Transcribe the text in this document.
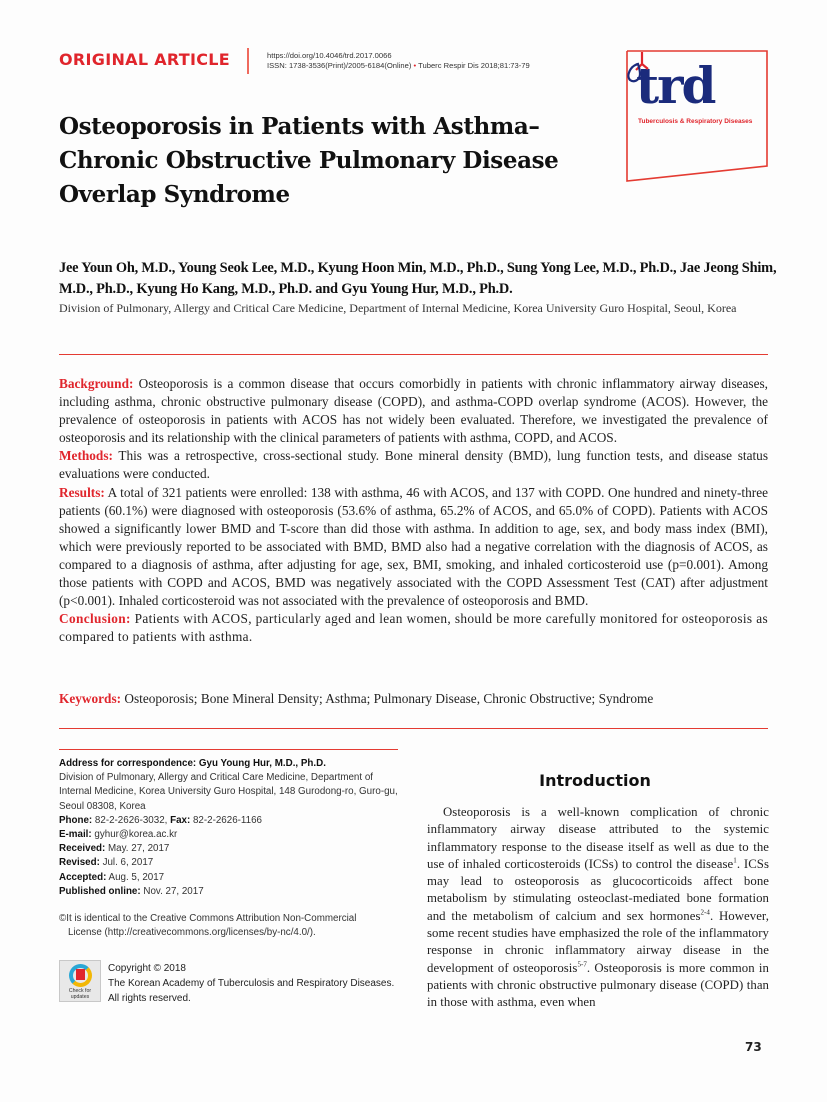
ORIGINAL ARTICLE	https://doi.org/10.4046/trd.2017.0066
ISSN: 1738-3536(Print)/2005-6184(Online) • Tuberc Respir Dis 2018;81:73-79 trd
Tuberculosis & Respiratory Diseases
Osteoporosis in Patients with Asthma–Chronic Obstructive Pulmonary Disease Overlap Syndrome
Jee Youn Oh, M.D., Young Seok Lee, M.D., Kyung Hoon Min, M.D., Ph.D., Sung Yong Lee, M.D., Ph.D., Jae Jeong Shim, M.D., Ph.D., Kyung Ho Kang, M.D., Ph.D. and Gyu Young Hur, M.D., Ph.D.
Division of Pulmonary, Allergy and Critical Care Medicine, Department of Internal Medicine, Korea University Guro Hospital, Seoul, Korea

Background: Osteoporosis is a common disease that occurs comorbidly in patients with chronic inflammatory airway diseases, including asthma, chronic obstructive pulmonary disease (COPD), and asthma-COPD overlap syndrome (ACOS). However, the prevalence of osteoporosis in patients with ACOS has not widely been evaluated. Therefore, we investigated the prevalence of osteoporosis and its relationship with the clinical parameters of patients with asthma, COPD, and ACOS.

Methods: This was a retrospective, cross-sectional study. Bone mineral density (BMD), lung function tests, and disease status evaluations were conducted.

Results: A total of 321 patients were enrolled: 138 with asthma, 46 with ACOS, and 137 with COPD. One hundred and ninety-three patients (60.1%) were diagnosed with osteoporosis (53.6% of asthma, 65.2% of ACOS, and 65.0% of COPD). Patients with ACOS showed a significantly lower BMD and T-score than did those with asthma. In addition to age, sex, and body mass index (BMI), which were previously reported to be associated with BMD, BMD also had a negative correlation with the diagnosis of ACOS, as compared to a diagnosis of asthma, after adjusting for age, sex, BMI, smoking, and inhaled corticosteroid use (p=0.001). Among those patients with COPD and ACOS, BMD was negatively associated with the COPD Assessment Test (CAT) after adjustment (p<0.001). Inhaled corticosteroid was not associated with the prevalence of osteoporosis and BMD.

Conclusion: Patients with ACOS, particularly aged and lean women, should be more carefully monitored for osteoporosis as compared to patients with asthma.

Keywords: Osteoporosis; Bone Mineral Density; Asthma; Pulmonary Disease, Chronic Obstructive; Syndrome
Address for correspondence: Gyu Young Hur, M.D., Ph.D.
Division of Pulmonary, Allergy and Critical Care Medicine, Department of Internal Medicine, Korea University Guro Hospital, 148 Gurodong-ro, Guro-gu, Seoul 08308, Korea
Phone: 82-2-2626-3032, Fax: 82-2-2626-1166
E-mail: gyhur@korea.ac.kr
Received: May. 27, 2017
Revised: Jul. 6, 2017
Accepted: Aug. 5, 2017
Published online: Nov. 27, 2017
©It is identical to the Creative Commons Attribution Non-Commercial
License (http://creativecommons.org/licenses/by-nc/4.0/).
Check for updates
Copyright © 2018
The Korean Academy of Tuberculosis and Respiratory Diseases.
All rights reserved.
Introduction

Osteoporosis is a well-known complication of chronic inflammatory airway disease attributed to the systemic inflammatory response to the disease itself as well as due to the use of inhaled corticosteroids (ICSs) to control the disease$^1$. ICSs may lead to osteoporosis as glucocorticoids affect bone metabolism by stimulating osteoclast-mediated bone formation and the metabolism of calcium and sex hormones$^{2-4}$. However, some recent studies have emphasized the role of the inflammatory response in chronic inflammatory airway disease in the development of osteoporosis$^{5-7}$. Osteoporosis is more common in patients with chronic obstructive pulmonary disease (COPD) than in those with asthma, even when

73
